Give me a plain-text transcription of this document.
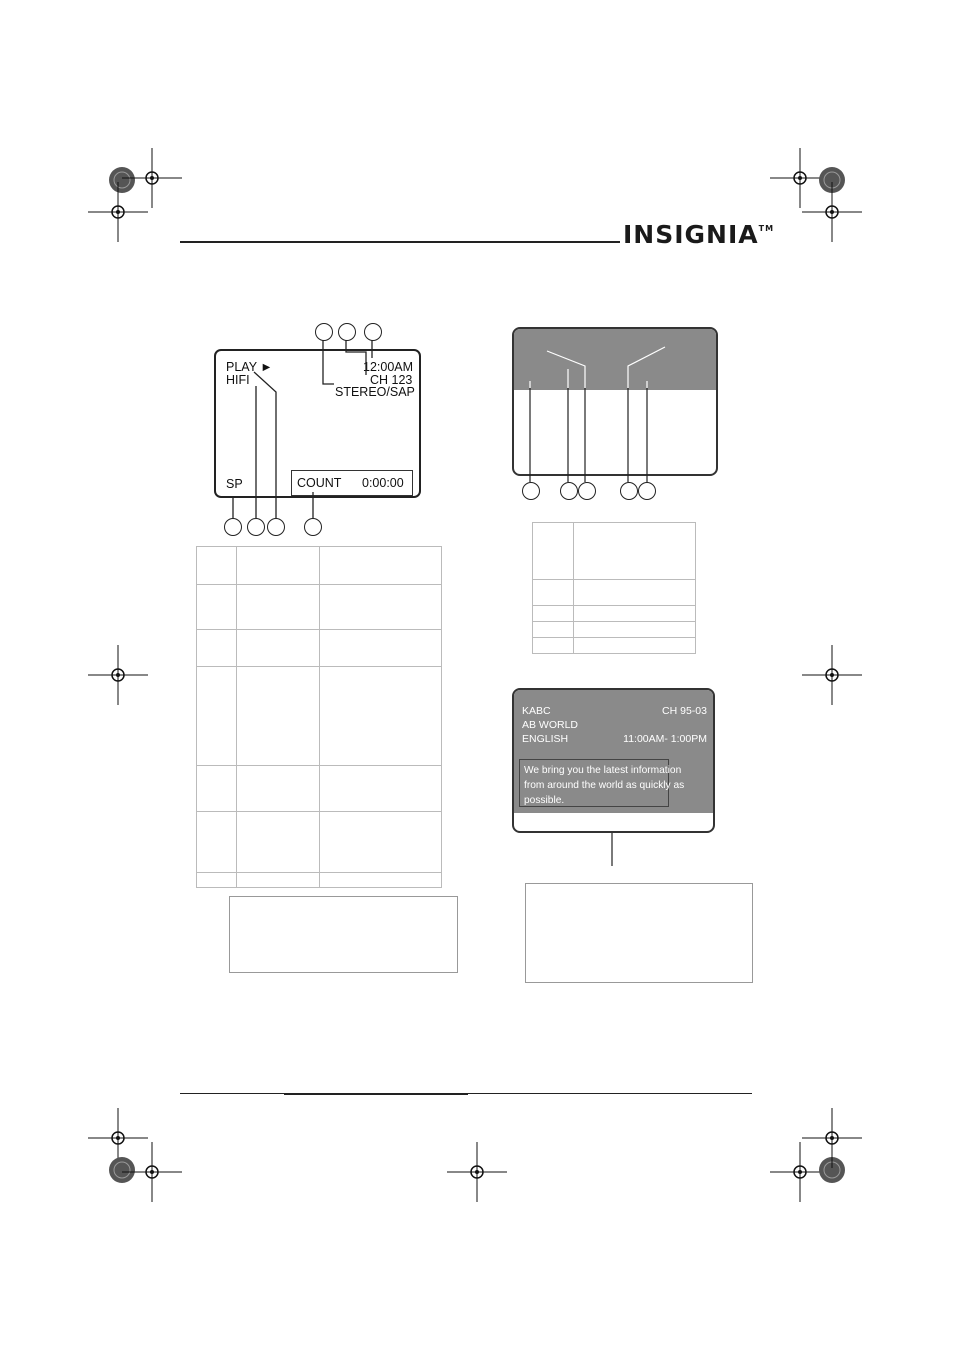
INSIGNIA™
PLAY ►
HIFI
12:00AM
CH 123
STEREO/SAP
SP	COUNT 0:00:00
KABC	CH 95-03
AB WORLD
ENGLISH	11:00AM- 1:00PM
We bring you the latest information
from around the world as quickly as
possible.
